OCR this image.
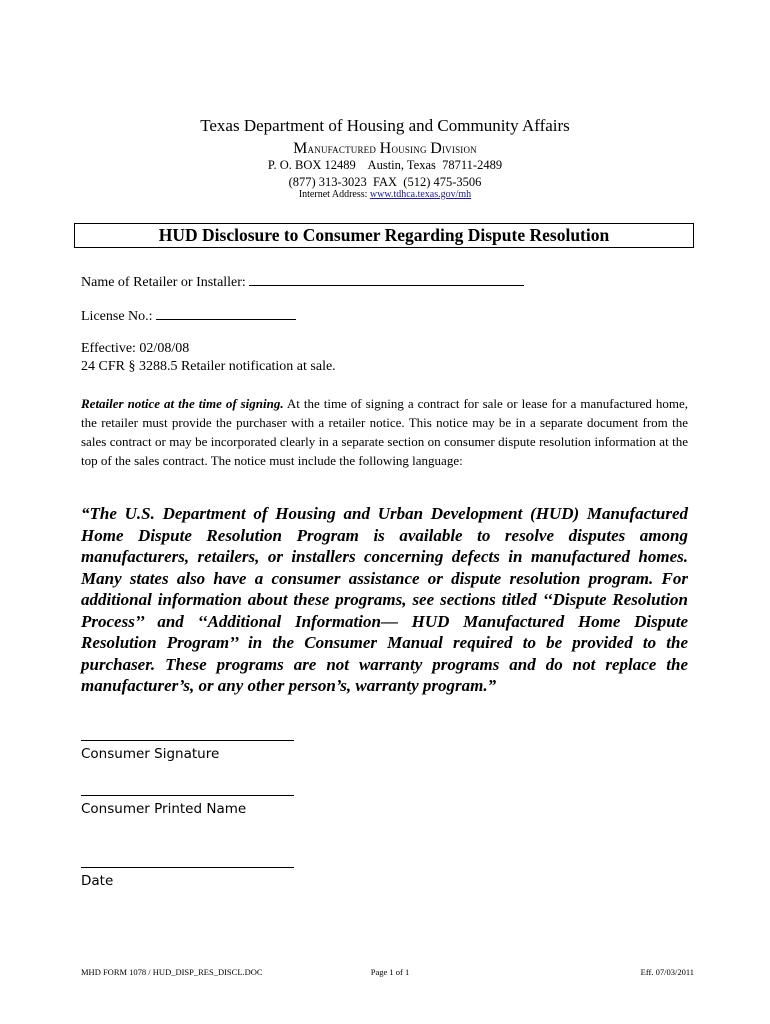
Texas Department of Housing and Community Affairs
Manufactured Housing Division
P. O. BOX 12489    Austin, Texas  78711-2489
(877) 313-3023  FAX  (512) 475-3506
Internet Address: www.tdhca.texas.gov/mh
HUD Disclosure to Consumer Regarding Dispute Resolution
Name of Retailer or Installer:
License No.:
Effective: 02/08/08
24 CFR § 3288.5 Retailer notification at sale.
Retailer notice at the time of signing. At the time of signing a contract for sale or lease for a manufactured home, the retailer must provide the purchaser with a retailer notice. This notice may be in a separate document from the sales contract or may be incorporated clearly in a separate section on consumer dispute resolution information at the top of the sales contract. The notice must include the following language:
“The U.S. Department of Housing and Urban Development (HUD) Manufactured Home Dispute Resolution Program is available to resolve disputes among manufacturers, retailers, or installers concerning defects in manufactured homes. Many states also have a consumer assistance or dispute resolution program. For additional information about these programs, see sections titled ‘‘Dispute Resolution Process’’ and ‘‘Additional Information— HUD Manufactured Home Dispute Resolution Program’’ in the Consumer Manual required to be provided to the purchaser. These programs are not warranty programs and do not replace the manufacturer’s, or any other person’s, warranty program.”
Consumer Signature
Consumer Printed Name
Date
MHD FORM 1078 / HUD_DISP_RES_DISCL.DOC	Page 1 of 1	Eff. 07/03/2011
